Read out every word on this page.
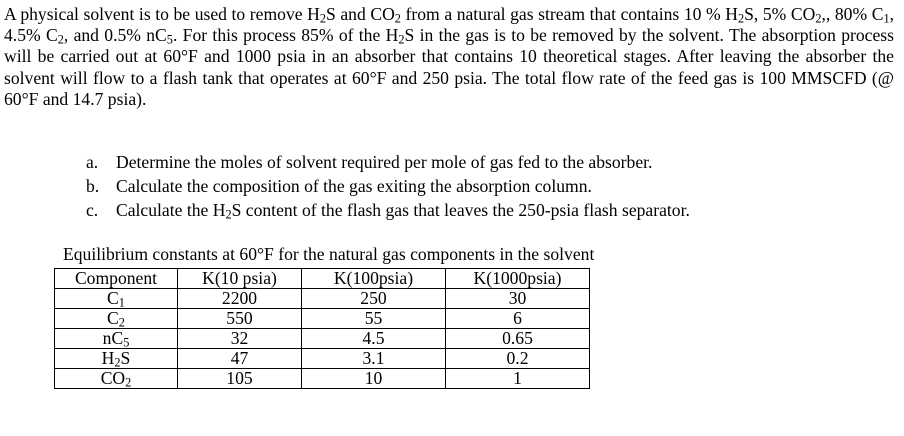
A physical solvent is to be used to remove $H_2S$ and $CO_2$ from a natural gas stream that contains 10 % $H_2S$, 5% $CO_2$,, 80% $C_1$, 4.5% $C_2$, and 0.5% $nC_5$. For this process 85% of the $H_2S$ in the gas is to be removed by the solvent. The absorption process will be carried out at 60°F and 1000 psia in an absorber that contains 10 theoretical stages. After leaving the absorber the solvent will flow to a flash tank that operates at 60°F and 250 psia. The total flow rate of the feed gas is 100 MMSCFD (@ 60°F and 14.7 psia).

a. Determine the moles of solvent required per mole of gas fed to the absorber.
b. Calculate the composition of the gas exiting the absorption column.
c. Calculate the $H_2S$ content of the flash gas that leaves the 250-psia flash separator.
Equilibrium constants at 60°F for the natural gas components in the solvent
Component	K(10 psia)	K(100psia)	K(1000psia)
$C_1$	2200	250	30
$C_2$	550	55	6
$nC_5$	32	4.5	0.65
$H_2S$	47	3.1	0.2
$CO_2$	105	10	1
